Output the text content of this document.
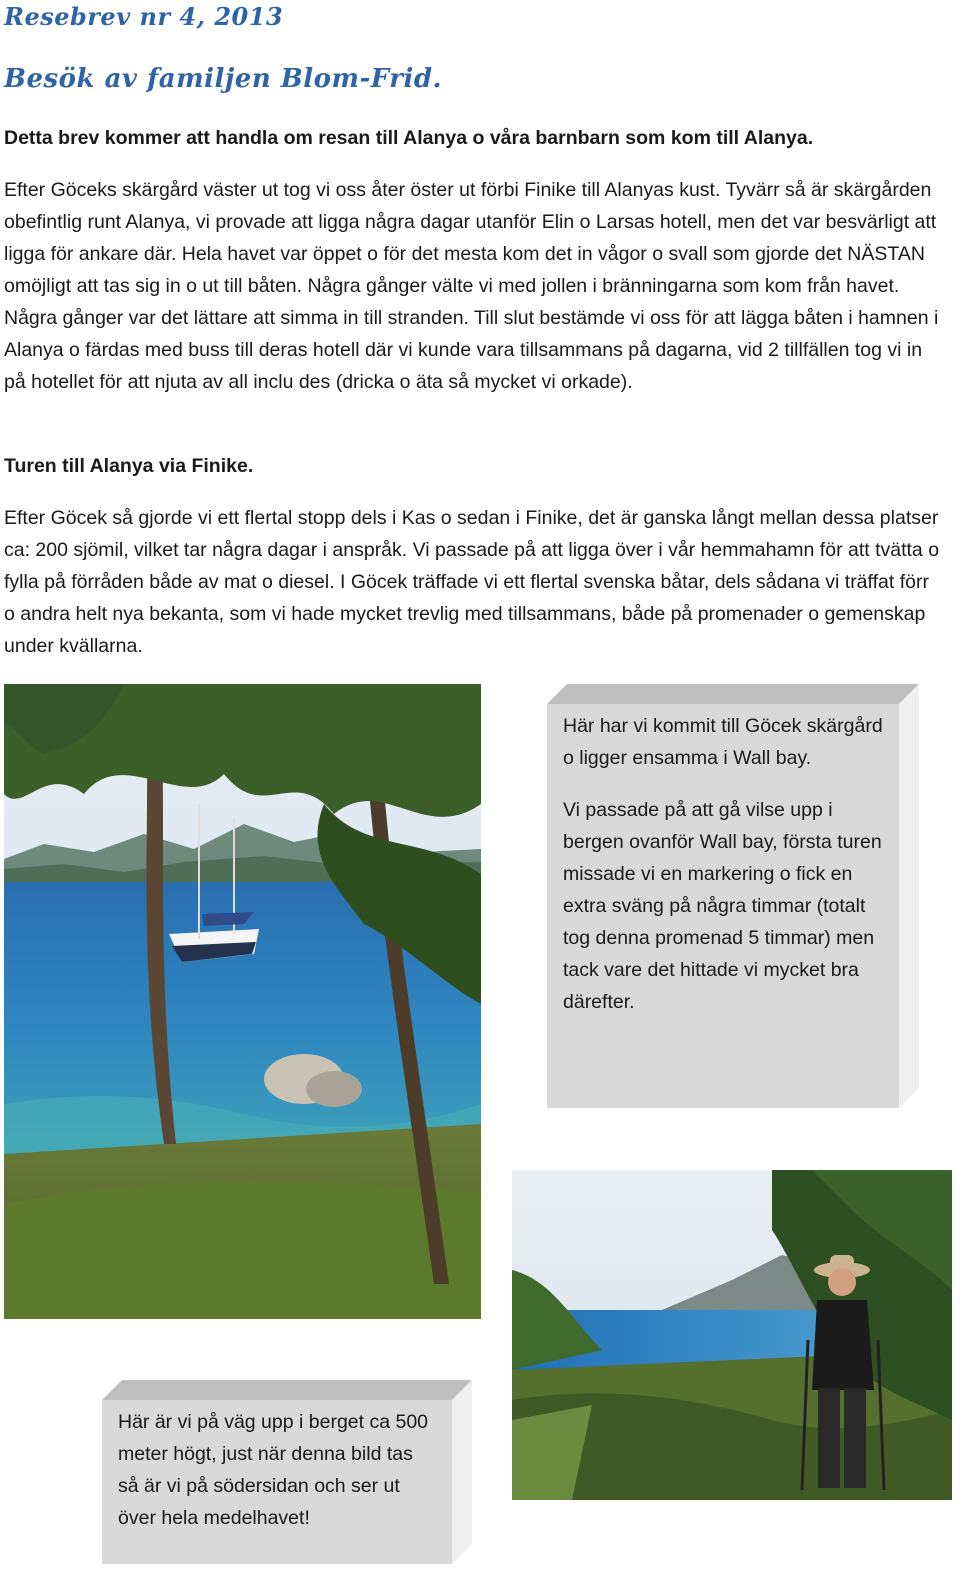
Resebrev nr 4, 2013
Besök av familjen Blom-Frid.

Detta brev kommer att handla om resan till Alanya o våra barnbarn som kom till Alanya.

Efter Göceks skärgård väster ut tog vi oss åter öster ut förbi Finike till Alanyas kust. Tyvärr så är skärgården obefintlig runt Alanya, vi provade att ligga några dagar utanför Elin o Larsas hotell, men det var besvärligt att ligga för ankare där. Hela havet var öppet o för det mesta kom det in vågor o svall som gjorde det NÄSTAN omöjligt att tas sig in o ut till båten. Några gånger välte vi med jollen i bränningarna som kom från havet. Några gånger var det lättare att simma in till stranden. Till slut bestämde vi oss för att lägga båten i hamnen i Alanya o färdas med buss till deras hotell där vi kunde vara tillsammans på dagarna, vid 2 tillfällen tog vi in på hotellet för att njuta av all inclu des (dricka o äta så mycket vi orkade).

Turen till Alanya via Finike.

Efter Göcek så gjorde vi ett flertal stopp dels i Kas o sedan i Finike, det är ganska långt mellan dessa platser ca: 200 sjömil, vilket tar några dagar i anspråk. Vi passade på att ligga över i vår hemmahamn för att tvätta o fylla på förråden både av mat o diesel. I Göcek träffade vi ett flertal svenska båtar, dels sådana vi träffat förr o andra helt nya bekanta, som vi hade mycket trevlig med tillsammans, både på promenader o gemenskap under kvällarna.

Här har vi kommit till Göcek skärgård o ligger ensamma i Wall bay.

Vi passade på att gå vilse upp i bergen ovanför Wall bay, första turen missade vi en markering o fick en extra sväng på några timmar (totalt tog denna promenad 5 timmar) men tack vare det hittade vi mycket bra därefter.

Här är vi på väg upp i berget ca 500 meter högt, just när denna bild tas så är vi på södersidan och ser ut över hela medelhavet!
